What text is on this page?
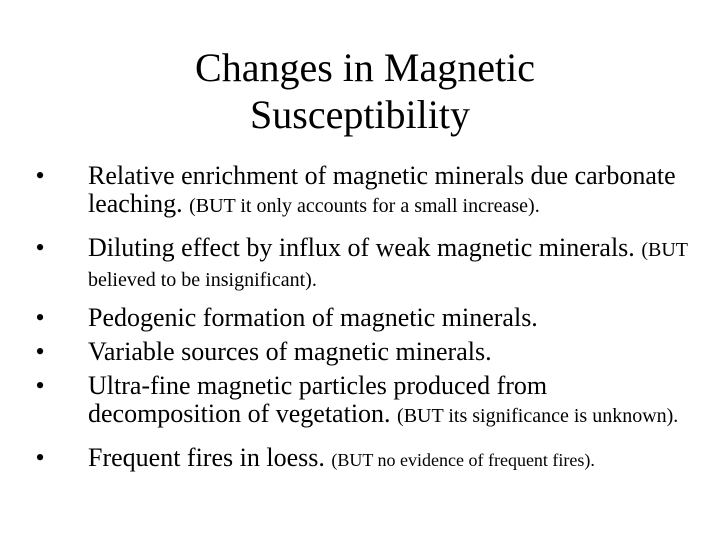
Changes in Magnetic
Susceptibility
• Relative enrichment of magnetic minerals due carbonate leaching. (BUT it only accounts for a small increase).
• Diluting effect by influx of weak magnetic minerals. (BUT believed to be insignificant).
• Pedogenic formation of magnetic minerals.
• Variable sources of magnetic minerals.
• Ultra-fine magnetic particles produced from decomposition of vegetation. (BUT its significance is unknown).
• Frequent fires in loess. (BUT no evidence of frequent fires).
